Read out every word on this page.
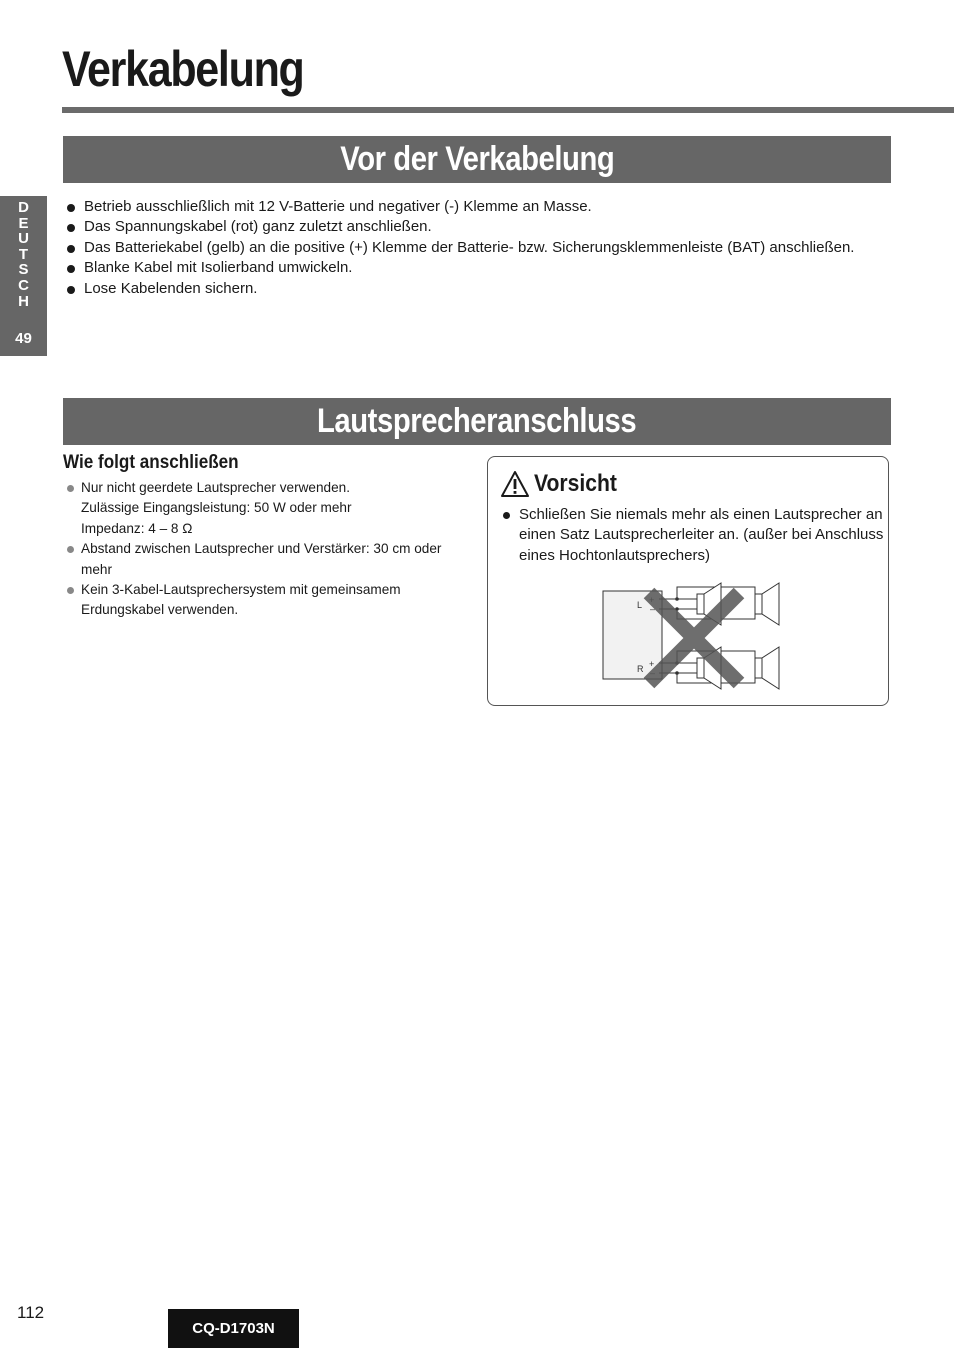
Verkabelung
D
E
U
T
S
C
H
49
Vor der Verkabelung
Betrieb ausschließlich mit 12 V-Batterie und negativer (-) Klemme an Masse.
Das Spannungskabel (rot) ganz zuletzt anschließen.
Das Batteriekabel (gelb) an die positive (+) Klemme der Batterie- bzw. Sicherungsklemmenleiste (BAT) anschließen.
Blanke Kabel mit Isolierband umwickeln.
Lose Kabelenden sichern.
Lautsprecheranschluss
Wie folgt anschließen
Nur nicht geerdete Lautsprecher verwenden.
Zulässige Eingangsleistung: 50 W oder mehr
Impedanz: 4 – 8 Ω
Abstand zwischen Lautsprecher und Verstärker: 30 cm oder
mehr
Kein 3-Kabel-Lautsprechersystem mit gemeinsamem
Erdungskabel verwenden.
Vorsicht
Schließen Sie niemals mehr als einen Lautsprecher an einen Satz Lautsprecherleiter an. (außer bei Anschluss eines Hochtonlautsprechers)
L
R
–
+
112
CQ-D1703N
